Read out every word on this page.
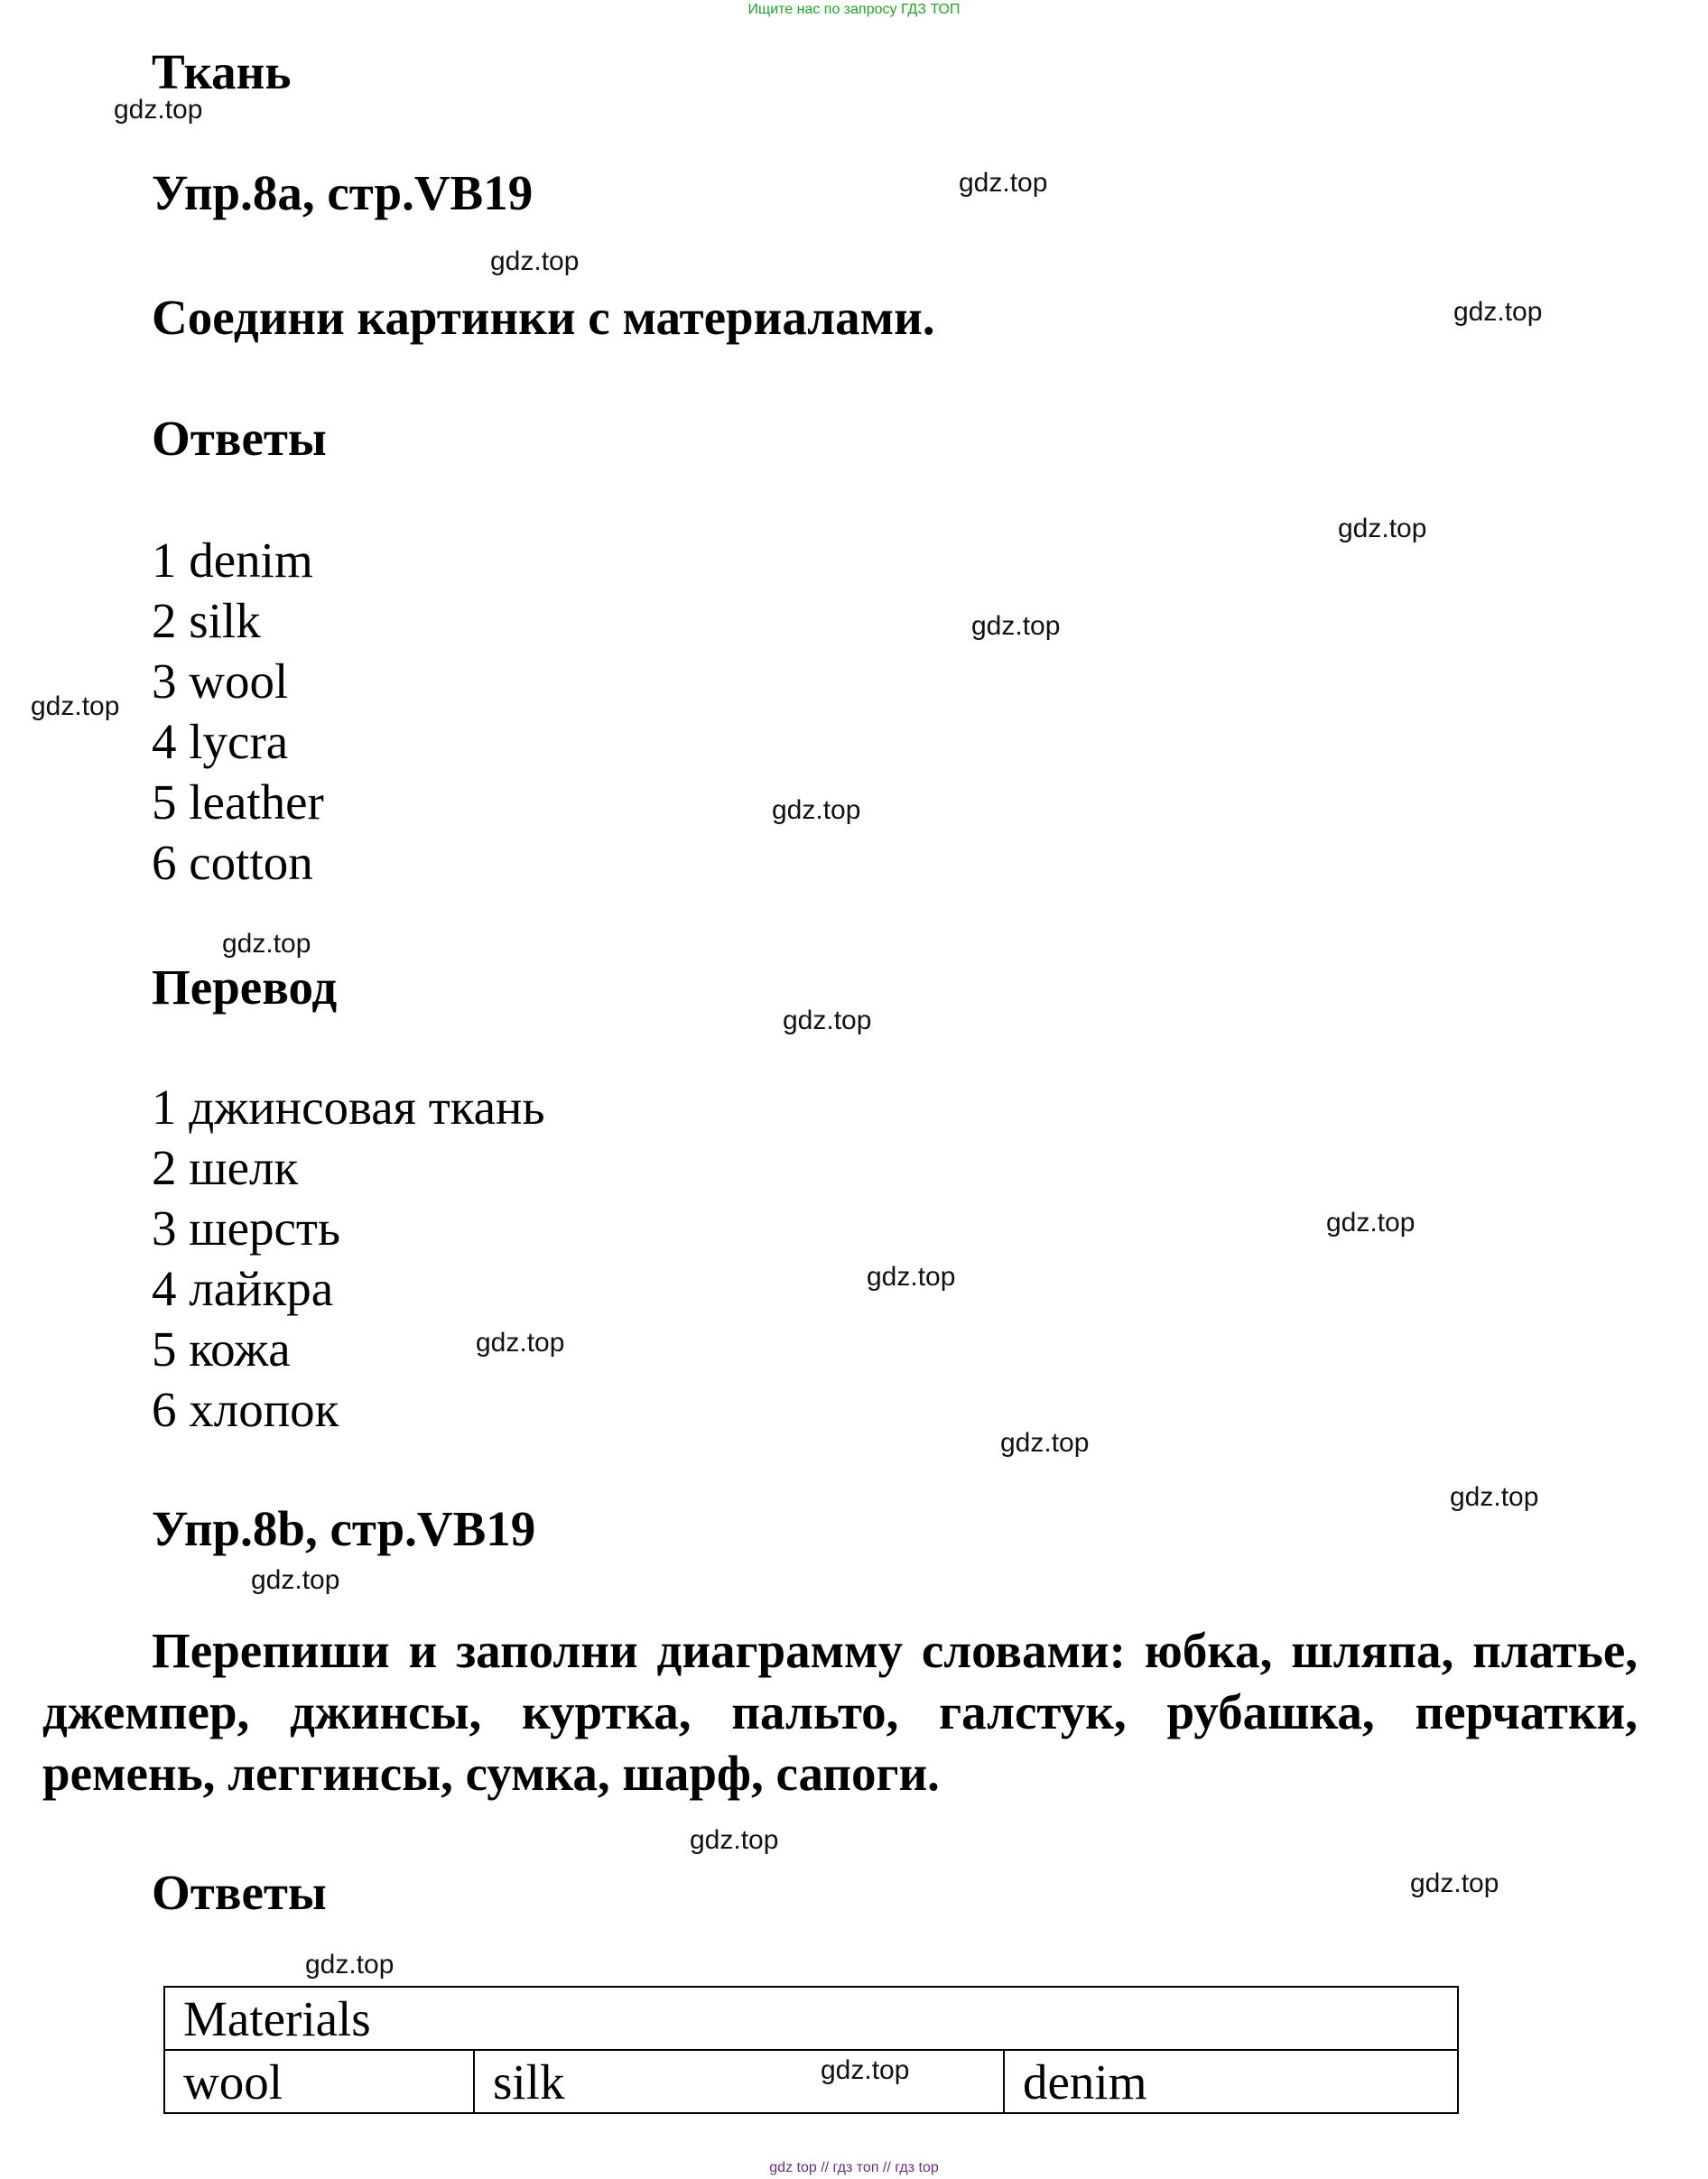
Ищите нас по запросу ГДЗ ТОП
Ткань
Упр.8a, стр.VB19
Соедини картинки с материалами.
Ответы
1 denim
2 silk
3 wool
4 lycra
5 leather
6 cotton
Перевод
1 джинсовая ткань
2 шелк
3 шерсть
4 лайкра
5 кожа
6 хлопок
Упр.8b, стр.VB19
Перепиши и заполни диаграмму словами: юбка, шляпа, платье, джемпер, джинсы, куртка, пальто, галстук, рубашка, перчатки, ремень, леггинсы, сумка, шарф, сапоги.
Ответы
Materials
wool	silk	denim
gdz.top
gdz.top
gdz.top
gdz.top
gdz.top
gdz.top
gdz.top
gdz.top
gdz.top
gdz.top
gdz.top
gdz.top
gdz.top
gdz.top
gdz.top
gdz.top
gdz.top
gdz.top
gdz.top
gdz.top
gdz top // гдз топ // гдз top
